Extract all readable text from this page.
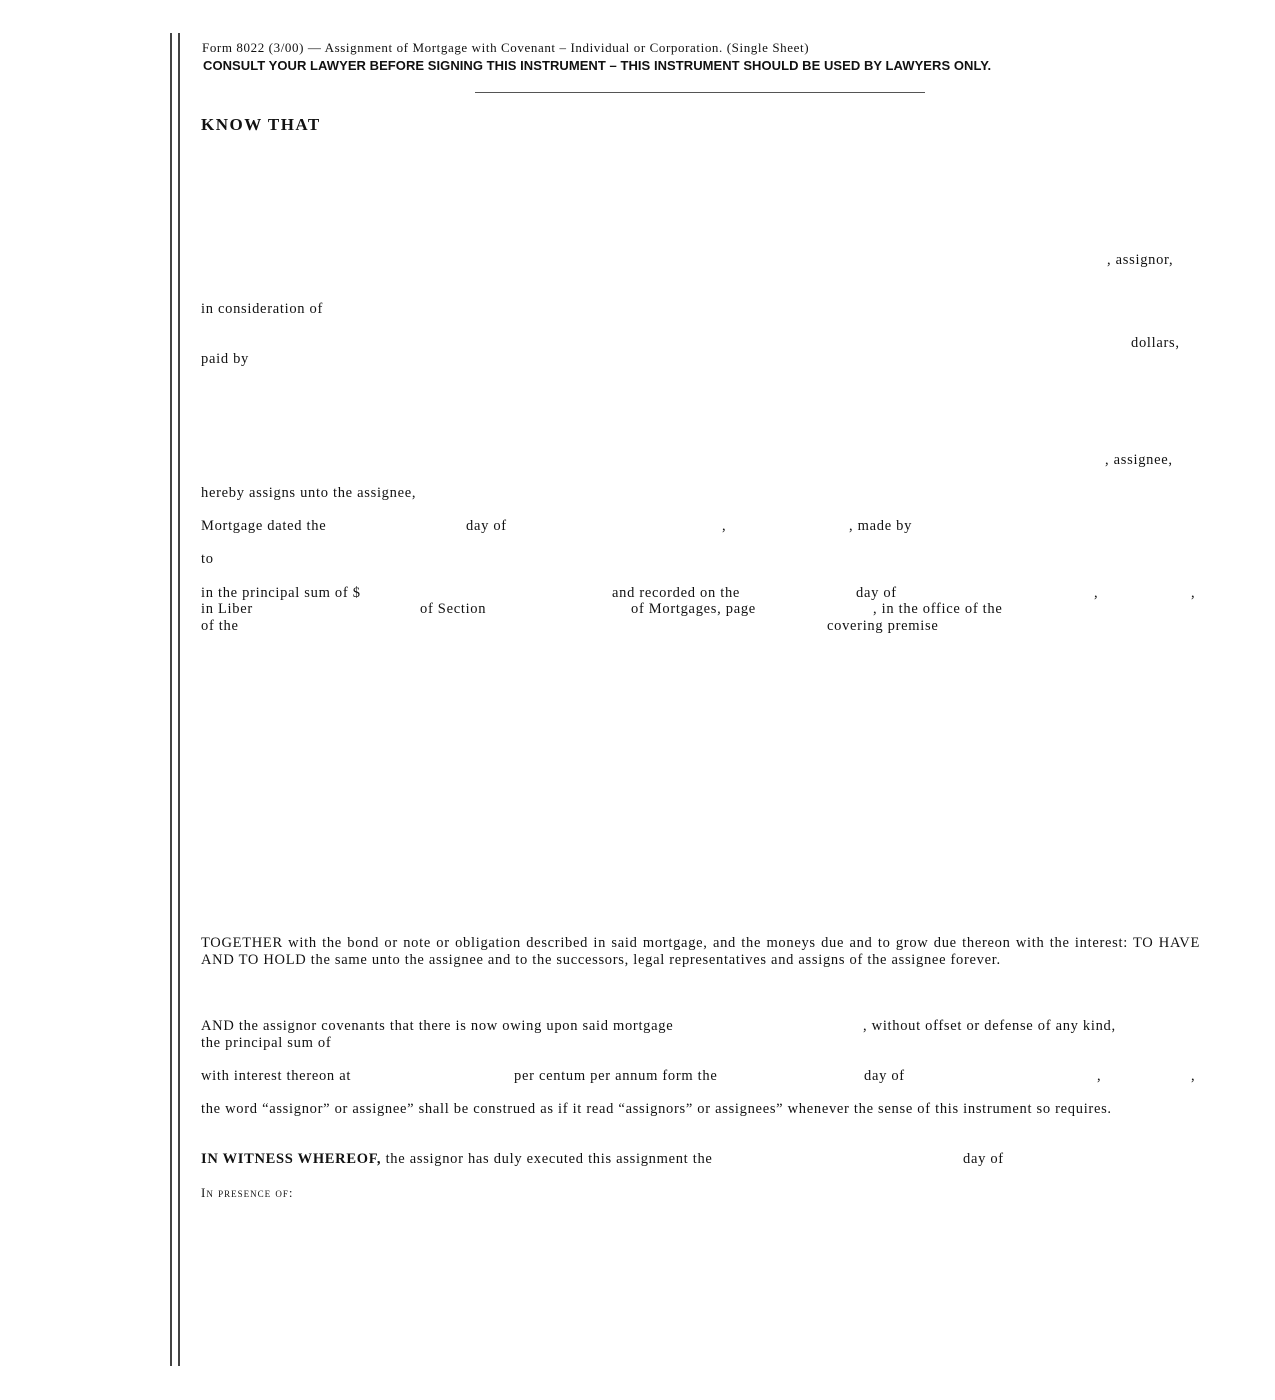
Form 8022 (3/00) — Assignment of Mortgage with Covenant – Individual or Corporation. (Single Sheet)
CONSULT YOUR LAWYER BEFORE SIGNING THIS INSTRUMENT – THIS INSTRUMENT SHOULD BE USED BY LAWYERS ONLY.
KNOW THAT
, assignor,
in consideration of
dollars,
paid by
, assignee,
hereby assigns unto the assignee,
Mortgage dated the	day of	,	, made by
to
in the principal sum of $	and recorded on the	day of	,	,
in Liber	of Section	of Mortgages, page	, in the office of the
of the	covering premise
TOGETHER with the bond or note or obligation described in said mortgage, and the moneys due and to grow due thereon with the interest: TO HAVE AND TO HOLD the same unto the assignee and to the successors, legal representatives and assigns of the assignee forever.
AND the assignor covenants that there is now owing upon said mortgage	, without offset or defense of any kind,
the principal sum of
with interest thereon at	per centum per annum form the	day of	,	,
the word “assignor” or assignee” shall be construed as if it read “assignors” or assignees” whenever the sense of this instrument so requires.
IN WITNESS WHEREOF, the assignor has duly executed this assignment the	day of
In presence of:
